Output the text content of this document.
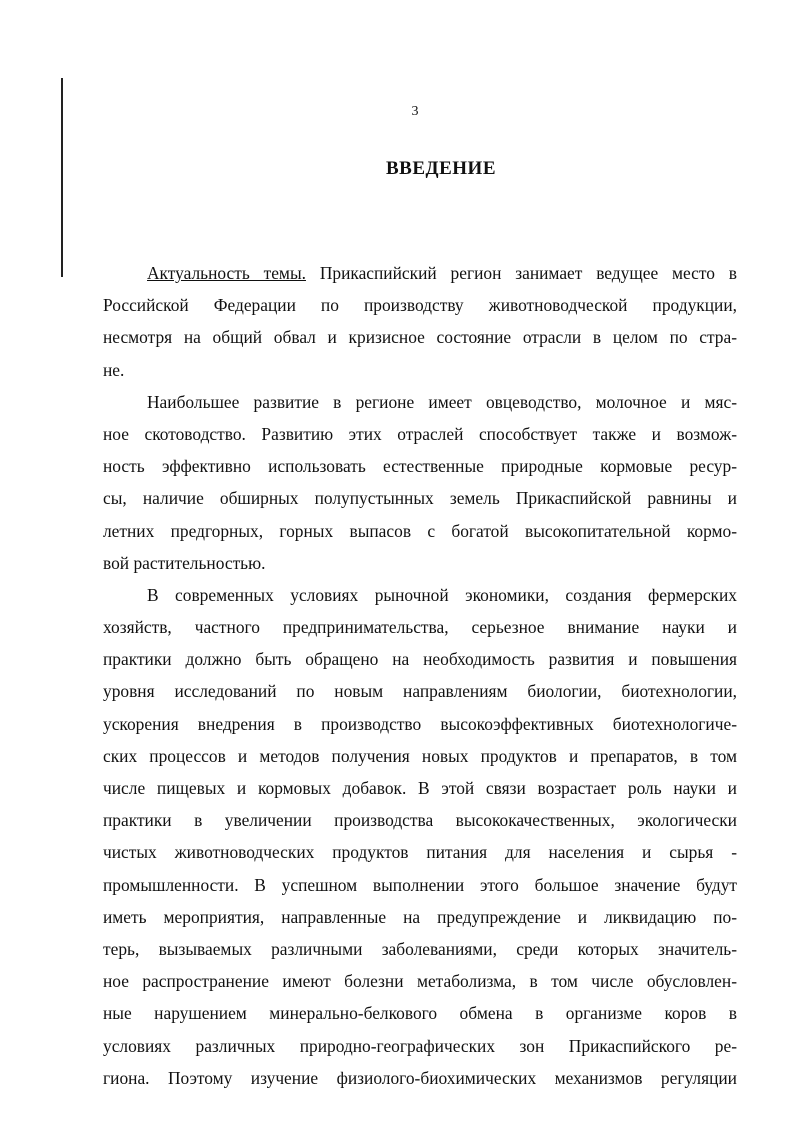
3
ВВЕДЕНИЕ
Актуальность темы. Прикаспийский регион занимает ведущее место в
Российской Федерации по производству животноводческой продукции,
несмотря на общий обвал и кризисное состояние отрасли в целом по стра-
не.
Наибольшее развитие в регионе имеет овцеводство, молочное и мяс-
ное скотоводство. Развитию этих отраслей способствует также и возмож-
ность эффективно использовать естественные природные кормовые ресур-
сы, наличие обширных полупустынных земель Прикаспийской равнины и
летних предгорных, горных выпасов с богатой высокопитательной кормо-
вой растительностью.
В современных условиях рыночной экономики, создания фермерских
хозяйств, частного предпринимательства, серьезное внимание науки и
практики должно быть обращено на необходимость развития и повышения
уровня исследований по новым направлениям биологии, биотехнологии,
ускорения внедрения в производство высокоэффективных биотехнологиче-
ских процессов и методов получения новых продуктов и препаратов, в том
числе пищевых и кормовых добавок. В этой связи возрастает роль науки и
практики в увеличении производства высококачественных, экологически
чистых животноводческих продуктов питания для населения и сырья -
промышленности. В успешном выполнении этого большое значение будут
иметь мероприятия, направленные на предупреждение и ликвидацию по-
терь, вызываемых различными заболеваниями, среди которых значитель-
ное распространение имеют болезни метаболизма, в том числе обусловлен-
ные нарушением минерально-белкового обмена в организме коров в
условиях различных природно-географических зон Прикаспийского ре-
гиона. Поэтому изучение физиолого-биохимических механизмов регуляции
